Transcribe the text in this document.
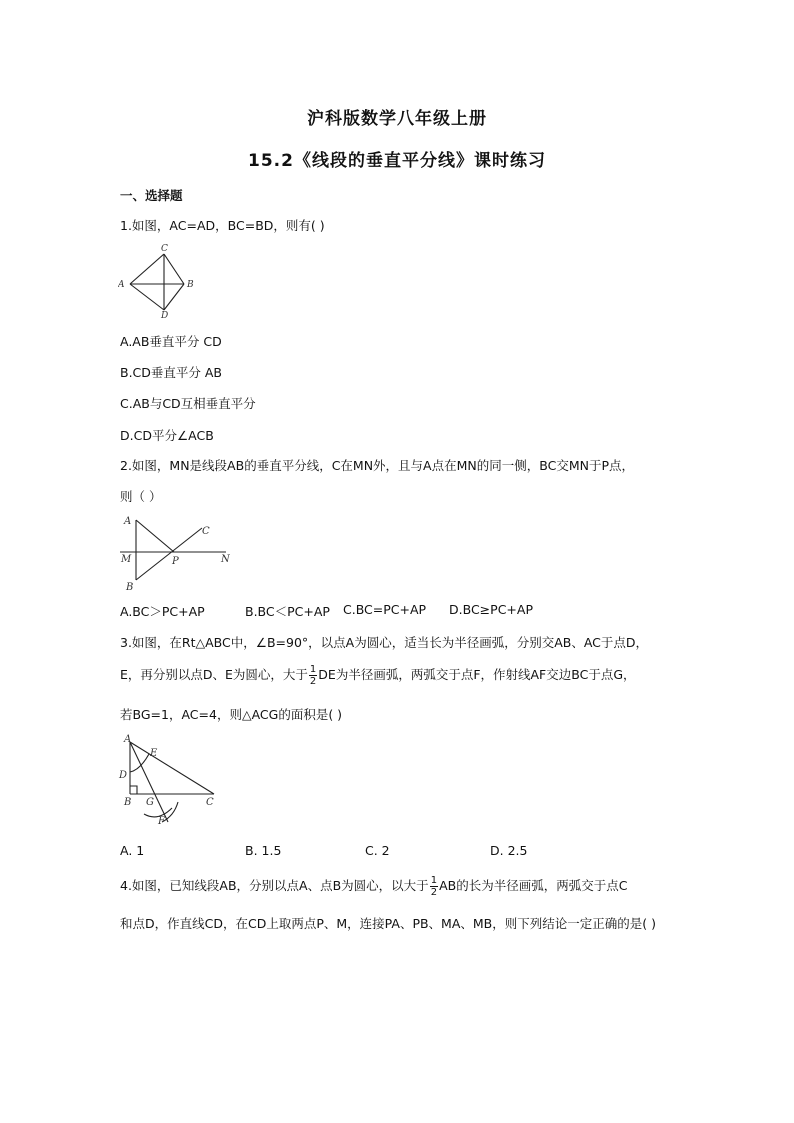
沪科版数学八年级上册
15.2《线段的垂直平分线》课时练习
一、选择题
1.如图，AC=AD，BC=BD，则有( )
A
C
B
D
A.AB垂直平分 CD
B.CD垂直平分 AB
C.AB与CD互相垂直平分
D.CD平分∠ACB
2.如图，MN是线段AB的垂直平分线，C在MN外，且与A点在MN的同一侧，BC交MN于P点，
则（ ）
A
C
M	N
P
B
A.BC＞PC+AP	B.BC＜PC+AP C.BC=PC+AP D.BC≥PC+AP
3.如图，在Rt△ABC中，∠B=90°，以点A为圆心，适当长为半径画弧，分别交AB、AC于点D，
E，再分别以点D、E为圆心，大于 $\frac{1}{2}$ DE为半径画弧，两弧交于点F，作射线AF交边BC于点G，
若BG=1，AC=4，则△ACG的面积是( )
A
E
D
B G	C
F
A. 1	B. 1.5	C. 2	D. 2.5
4.如图，已知线段AB，分别以点A、点B为圆心，以大于 $\frac{1}{2}$ AB的长为半径画弧，两弧交于点C
和点D，作直线CD，在CD上取两点P、M，连接PA、PB、MA、MB，则下列结论一定正确的是( )
